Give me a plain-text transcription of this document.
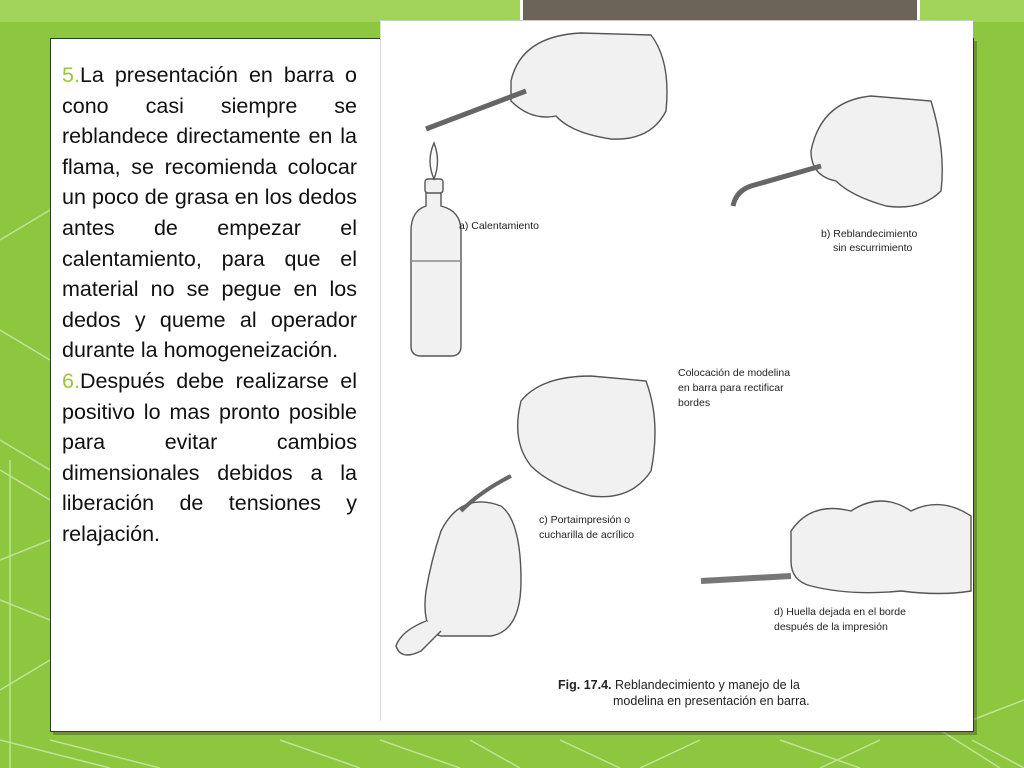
5.La presentación en barra o cono casi siempre se reblandece directamente en la flama, se recomienda colocar un poco de grasa en los dedos antes de empezar el calentamiento, para que el material no se pegue en los dedos y queme al operador durante la homogeneización.

6.Después debe realizarse el positivo lo mas pronto posible para evitar cambios dimensionales debidos a la liberación de tensiones y relajación.

a) Calentamiento
b) Reblandecimiento
sin escurrimiento
Colocación de modelina
en barra para rectificar
bordes
c) Portaimpresión o
cucharilla de acrílico
d) Huella dejada en el borde
después de la impresión
Fig. 17.4. Reblandecimiento y manejo de la
modelina en presentación en barra.
